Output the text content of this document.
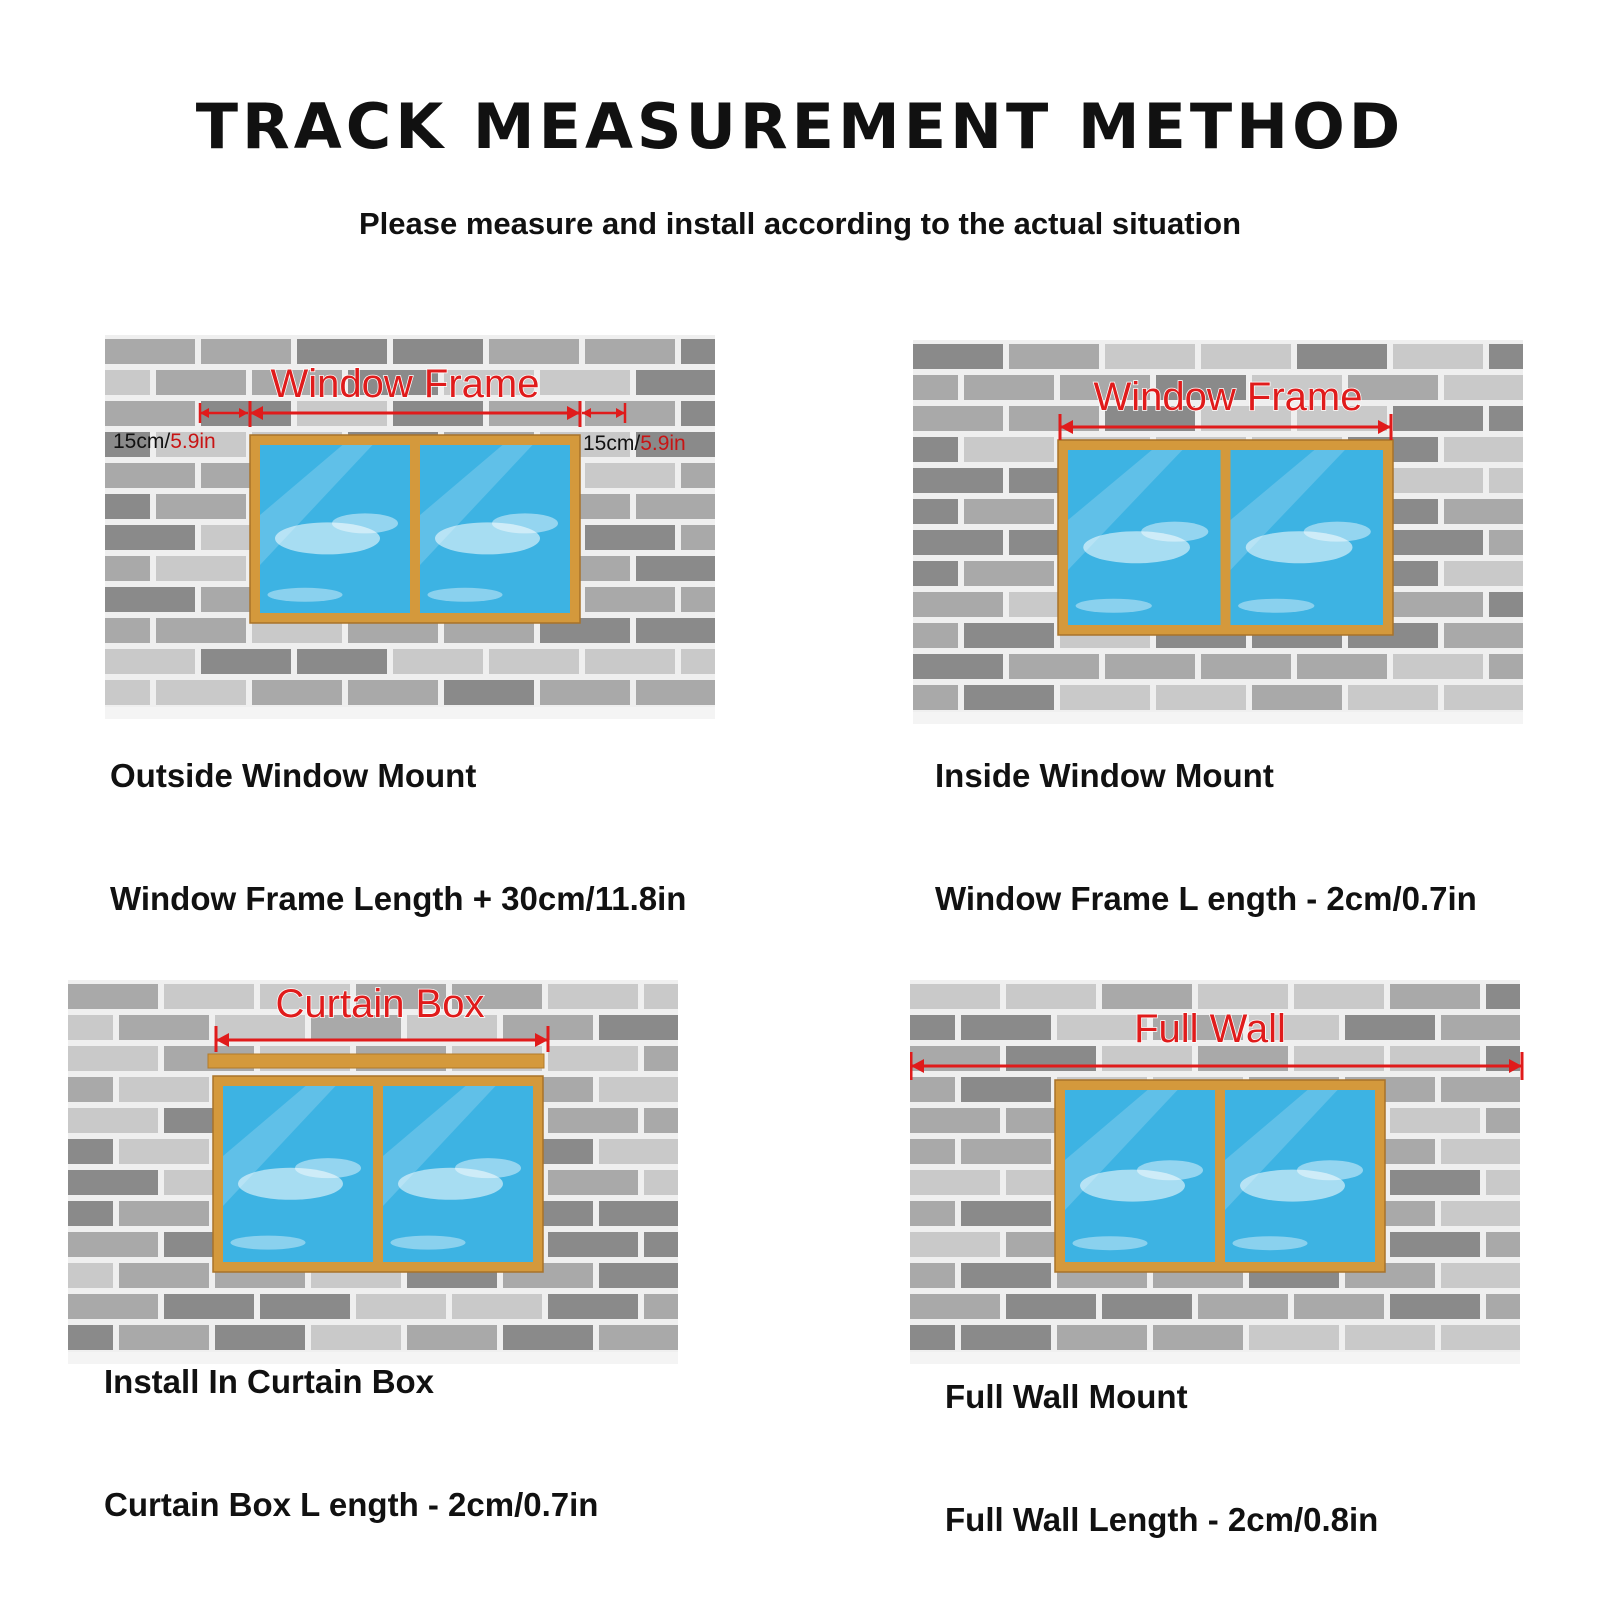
TRACK MEASUREMENT METHOD

Please measure and install according to the actual situation

Window Frame
15cm/5.9in	15cm/5.9in

Outside Window Mount

Window Frame Length + 30cm/11.8in

Window Frame

Inside Window Mount

Window Frame L ength - 2cm/0.7in

Curtain Box

Install In Curtain Box

Curtain Box L ength - 2cm/0.7in

Full Wall

Full Wall Mount

Full Wall Length - 2cm/0.8in
